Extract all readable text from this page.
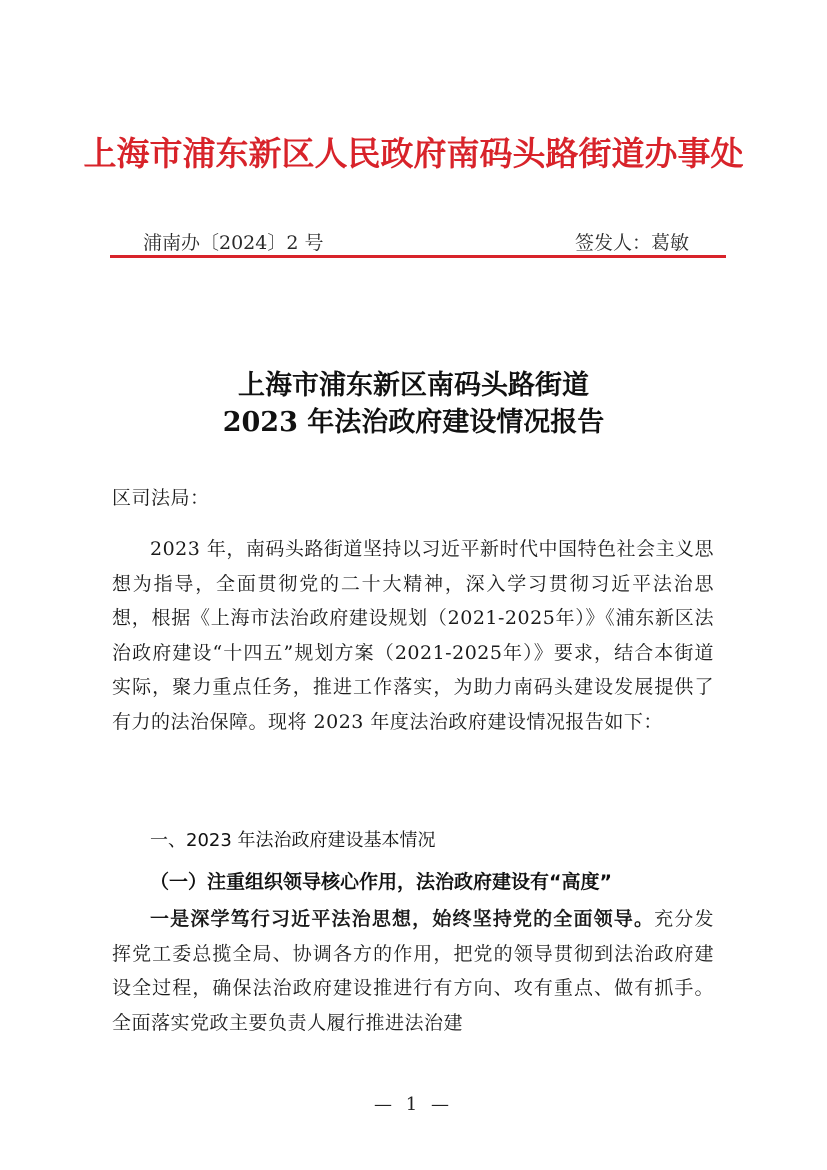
上海市浦东新区人民政府南码头路街道办事处
浦南办〔2024〕2 号	签发人：葛敏
上海市浦东新区南码头路街道
2023 年法治政府建设情况报告
区司法局：
2023 年，南码头路街道坚持以习近平新时代中国特色社会主义思想为指导，全面贯彻党的二十大精神，深入学习贯彻习近平法治思想，根据《上海市法治政府建设规划（2021-2025年）》《浦东新区法治政府建设“十四五”规划方案（2021-2025年）》要求，结合本街道实际，聚力重点任务，推进工作落实，为助力南码头建设发展提供了有力的法治保障。现将 2023 年度法治政府建设情况报告如下：
一、2023 年法治政府建设基本情况
（一）注重组织领导核心作用，法治政府建设有“高度”
一是深学笃行习近平法治思想，始终坚持党的全面领导。充分发挥党工委总揽全局、协调各方的作用，把党的领导贯彻到法治政府建设全过程，确保法治政府建设推进行有方向、攻有重点、做有抓手。全面落实党政主要负责人履行推进法治建
— 1 —
